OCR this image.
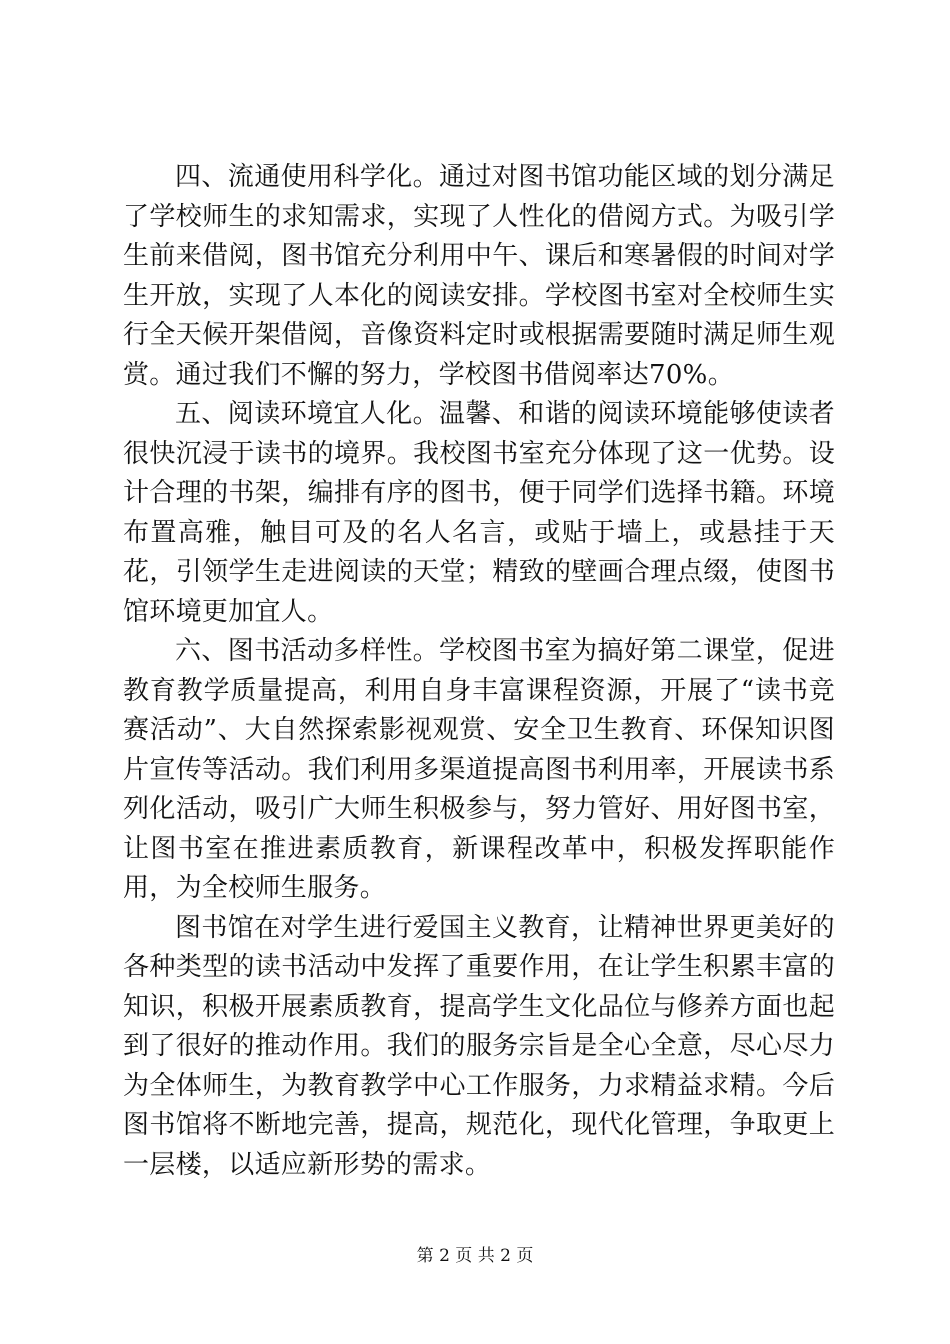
四、流通使用科学化。通过对图书馆功能区域的划分满足了学校师生的求知需求，实现了人性化的借阅方式。为吸引学生前来借阅，图书馆充分利用中午、课后和寒暑假的时间对学生开放，实现了人本化的阅读安排。学校图书室对全校师生实行全天候开架借阅，音像资料定时或根据需要随时满足师生观赏。通过我们不懈的努力，学校图书借阅率达70%。

五、阅读环境宜人化。温馨、和谐的阅读环境能够使读者很快沉浸于读书的境界。我校图书室充分体现了这一优势。设计合理的书架，编排有序的图书，便于同学们选择书籍。环境布置高雅，触目可及的名人名言，或贴于墙上，或悬挂于天花，引领学生走进阅读的天堂；精致的壁画合理点缀，使图书馆环境更加宜人。

六、图书活动多样性。学校图书室为搞好第二课堂，促进教育教学质量提高，利用自身丰富课程资源，开展了“读书竞赛活动”、大自然探索影视观赏、安全卫生教育、环保知识图片宣传等活动。我们利用多渠道提高图书利用率，开展读书系列化活动，吸引广大师生积极参与，努力管好、用好图书室，让图书室在推进素质教育，新课程改革中，积极发挥职能作用，为全校师生服务。

图书馆在对学生进行爱国主义教育，让精神世界更美好的各种类型的读书活动中发挥了重要作用，在让学生积累丰富的知识，积极开展素质教育，提高学生文化品位与修养方面也起到了很好的推动作用。我们的服务宗旨是全心全意，尽心尽力为全体师生，为教育教学中心工作服务，力求精益求精。今后图书馆将不断地完善，提高，规范化，现代化管理，争取更上一层楼，以适应新形势的需求。

第 2 页 共 2 页
